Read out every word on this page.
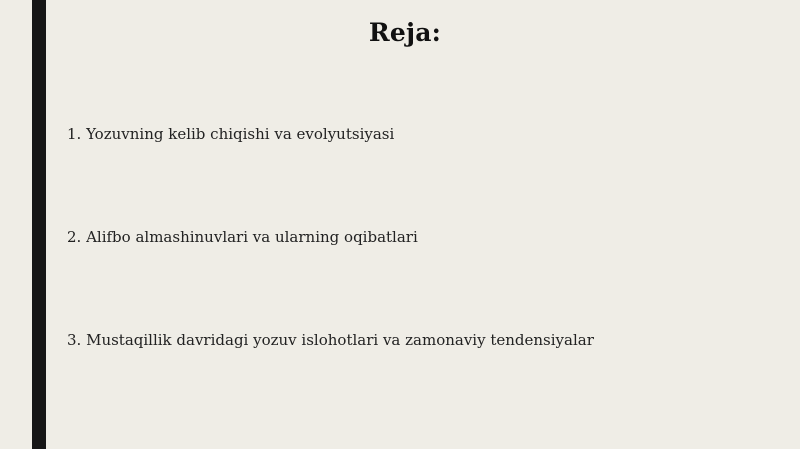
Reja:
1. Yozuvning kelib chiqishi va evolyutsiyasi
2. Alifbo almashinuvlari va ularning oqibatlari
3. Mustaqillik davridagi yozuv islohotlari va zamonaviy tendensiyalar
